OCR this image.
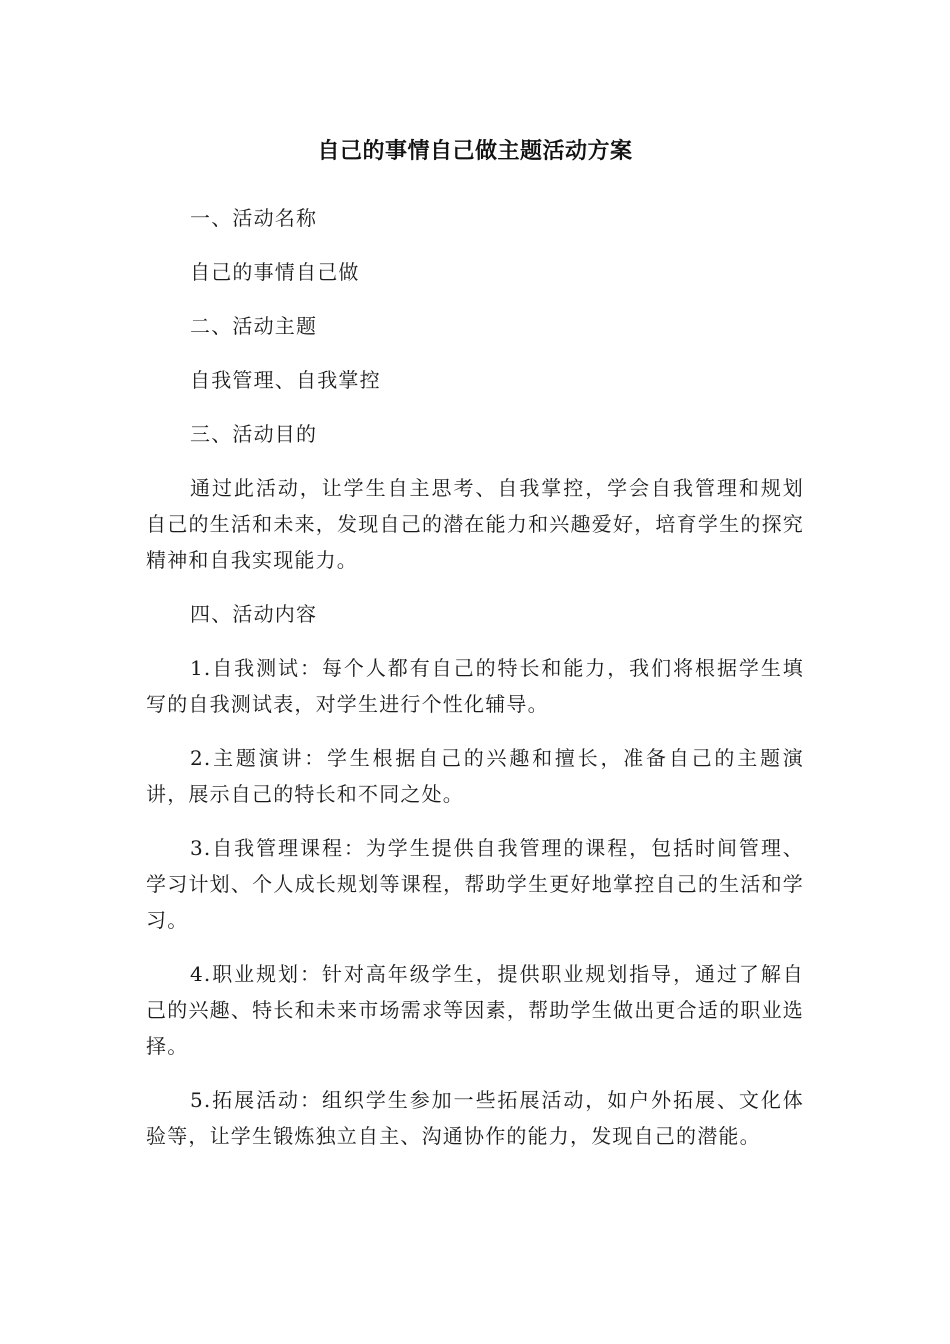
自己的事情自己做主题活动方案

一、活动名称

自己的事情自己做

二、活动主题

自我管理、自我掌控

三、活动目的

通过此活动，让学生自主思考、自我掌控，学会自我管理和规划自己的生活和未来，发现自己的潜在能力和兴趣爱好，培育学生的探究精神和自我实现能力。

四、活动内容

1.自我测试：每个人都有自己的特长和能力，我们将根据学生填写的自我测试表，对学生进行个性化辅导。

2.主题演讲：学生根据自己的兴趣和擅长，准备自己的主题演讲，展示自己的特长和不同之处。

3.自我管理课程：为学生提供自我管理的课程，包括时间管理、学习计划、个人成长规划等课程，帮助学生更好地掌控自己的生活和学习。

4.职业规划：针对高年级学生，提供职业规划指导，通过了解自己的兴趣、特长和未来市场需求等因素，帮助学生做出更合适的职业选择。

5.拓展活动：组织学生参加一些拓展活动，如户外拓展、文化体验等，让学生锻炼独立自主、沟通协作的能力，发现自己的潜能。
